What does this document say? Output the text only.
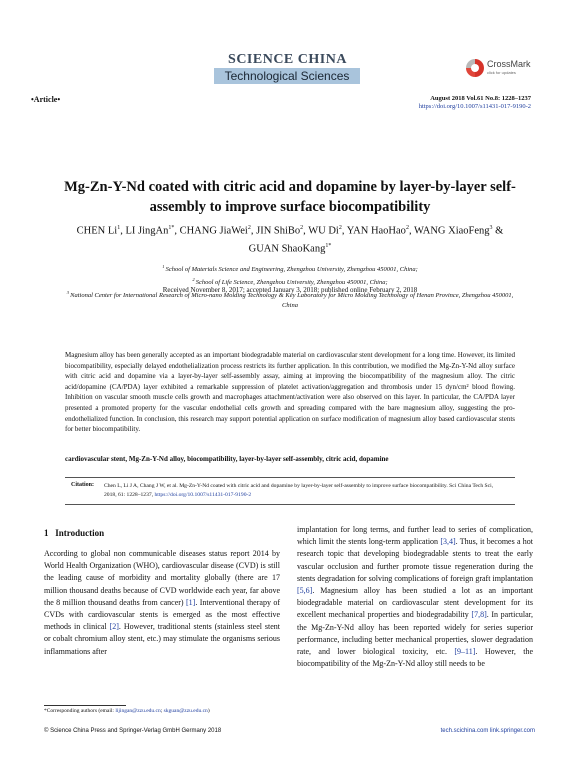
SCIENCE CHINA
Technological Sciences
CrossMark
click for updates
•Article•	August 2018 Vol.61 No.8: 1228–1237
https://doi.org/10.1007/s11431-017-9190-2
Mg-Zn-Y-Nd coated with citric acid and dopamine by layer-by-layer self-assembly to improve surface biocompatibility
CHEN Li$^1$, LI JingAn$^{1*}$, CHANG JiaWei$^2$, JIN ShiBo$^2$, WU Di$^2$, YAN HaoHao$^2$, WANG XiaoFeng$^3$ & GUAN ShaoKang$^{1*}$
$^1$ School of Materials Science and Engineering, Zhengzhou University, Zhengzhou 450001, China;
$^2$ School of Life Science, Zhengzhou University, Zhengzhou 450001, China;
$^3$ National Center for International Research of Micro-nano Molding Technology & Key Laboratory for Micro Molding Technology of Henan Province, Zhengzhou 450001, China
Received November 8, 2017; accepted January 3, 2018; published online February 2, 2018
Magnesium alloy has been generally accepted as an important biodegradable material on cardiovascular stent development for a long time. However, its limited biocompatibility, especially delayed endothelialization process restricts its further application. In this contribution, we modified the Mg-Zn-Y-Nd alloy surface with citric acid and dopamine via a layer-by-layer self-assembly assay, aiming at improving the biocompatibility of the magnesium alloy. The citric acid/dopamine (CA/PDA) layer exhibited a remarkable suppression of platelet activation/aggregation and thrombosis under 15 dyn/cm² blood flowing. Inhibition on vascular smooth muscle cells growth and macrophages attachment/activation were also observed on this layer. In particular, the CA/PDA layer presented a promoted property for the vascular endothelial cells growth and spreading compared with the bare magnesium alloy, suggesting the pro-endothelialized function. In conclusion, this research may support potential application on surface modification of magnesium alloy based cardiovascular stents for better biocompatibility.
cardiovascular stent, Mg-Zn-Y-Nd alloy, biocompatibility, layer-by-layer self-assembly, citric acid, dopamine
Citation: Chen L, Li J A, Chang J W, et al. Mg-Zn-Y-Nd coated with citric acid and dopamine by layer-by-layer self-assembly to improve surface biocompatibility. Sci China Tech Sci, 2018, 61: 1228–1237, https://doi.org/10.1007/s11431-017-9190-2
1 Introduction
According to global non communicable diseases status report 2014 by World Health Organization (WHO), cardiovascular disease (CVD) is still the leading cause of morbidity and mortality globally (there are 17 million thousand deaths because of CVD worldwide each year, far above the 8 million thousand deaths from cancer) [1]. Interventional therapy of CVDs with cardiovascular stents is emerged as the most effective methods in clinical [2]. However, traditional stents (stainless steel stent or cobalt chromium alloy stent, etc.) may stimulate the organisms serious inflammations after
implantation for long terms, and further lead to series of complication, which limit the stents long-term application [3,4]. Thus, it becomes a hot research topic that developing biodegradable stents to treat the early vascular occlusion and further promote tissue regeneration during the stents degradation for solving complications of foreign graft implantation [5,6]. Magnesium alloy has been studied a lot as an important biodegradable material on cardiovascular stent development for its excellent mechanical properties and biodegradability [7,8]. In particular, the Mg-Zn-Y-Nd alloy has been reported widely for series superior performance, including better mechanical properties, slower degradation rate, and lower biological toxicity, etc. [9–11]. However, the biocompatibility of the Mg-Zn-Y-Nd alloy still needs to be
*Corresponding authors (email: lijingan@zzu.edu.cn; skguan@zzu.edu.cn)
© Science China Press and Springer-Verlag GmbH Germany 2018	tech.scichina.com link.springer.com
